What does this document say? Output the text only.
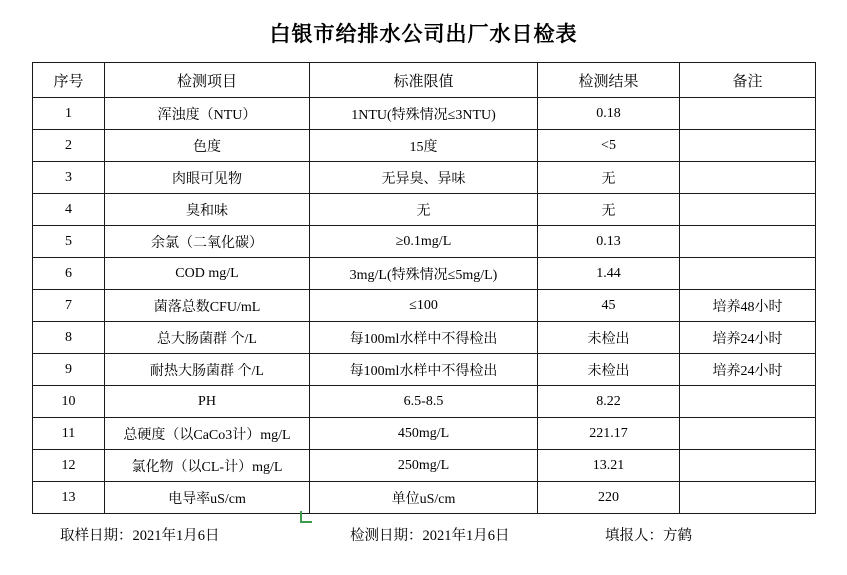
白银市给排水公司出厂水日检表
序号	检测项目	标准限值	检测结果	备注
1	浑浊度（NTU）	1NTU(特殊情况≤3NTU)	0.18	
2	色度	15度	<5	
3	肉眼可见物	无异臭、异味	无	
4	臭和味	无	无	
5	余氯（二氧化碳）	≥0.1mg/L	0.13	
6	COD mg/L	3mg/L(特殊情况≤5mg/L)	1.44	
7	菌落总数CFU/mL	≤100	45	培养48小时
8	总大肠菌群 个/L	每100ml水样中不得检出	未检出	培养24小时
9	耐热大肠菌群 个/L	每100ml水样中不得检出	未检出	培养24小时
10	PH	6.5-8.5	8.22	
11	总硬度（以CaCo3计）mg/L	450mg/L	221.17	
12	氯化物（以CL-计）mg/L	250mg/L	13.21	
13	电导率uS/cm	单位uS/cm	220	
取样日期：2021年1月6日	检测日期：2021年1月6日	填报人：方鹤
